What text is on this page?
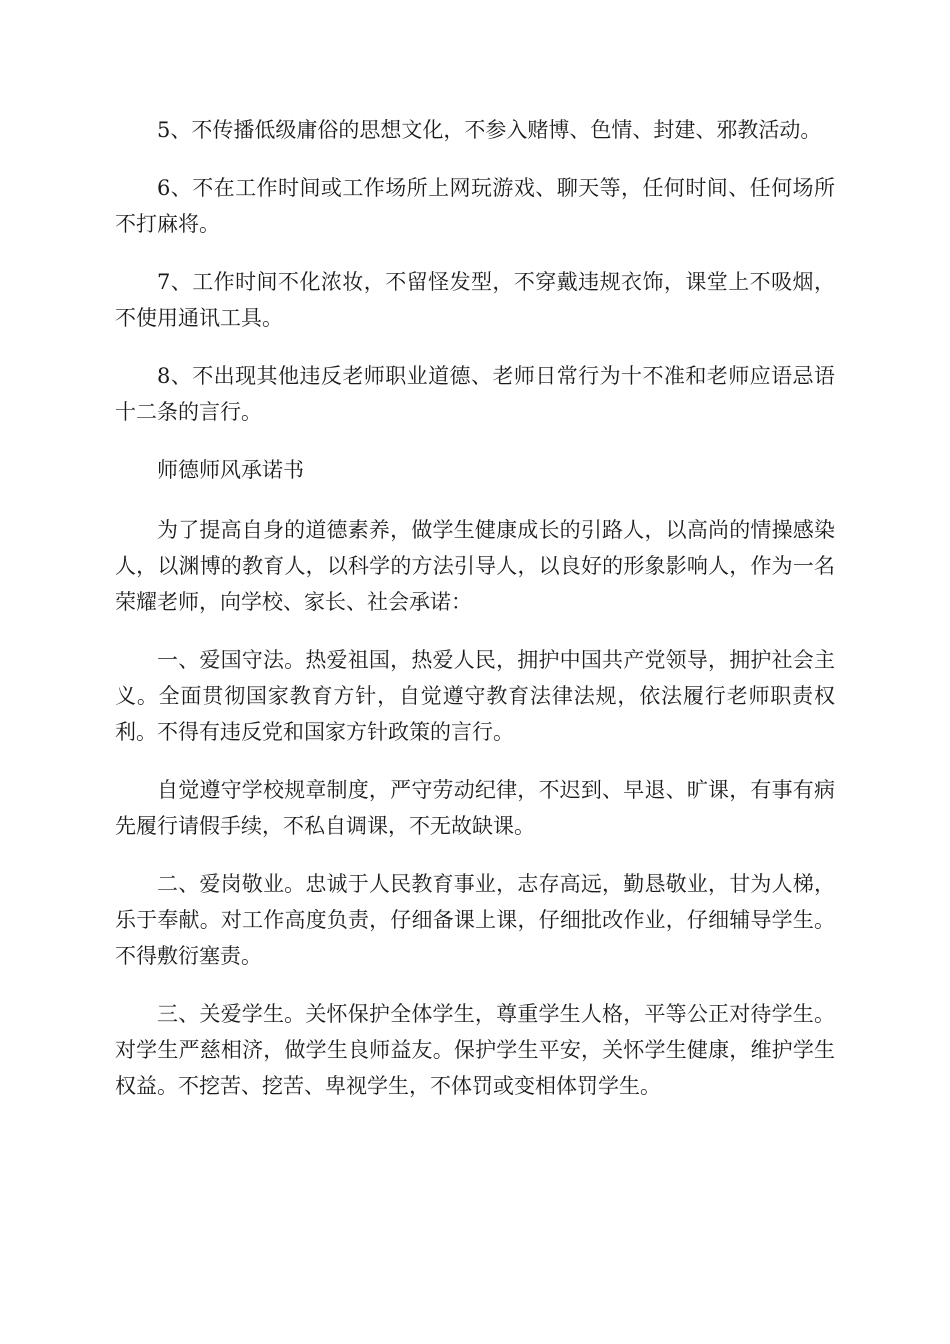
5、不传播低级庸俗的思想文化，不参入赌博、色情、封建、邪教活动。

6、不在工作时间或工作场所上网玩游戏、聊天等，任何时间、任何场所不打麻将。

7、工作时间不化浓妆，不留怪发型，不穿戴违规衣饰，课堂上不吸烟，不使用通讯工具。

8、不出现其他违反老师职业道德、老师日常行为十不准和老师应语忌语十二条的言行。

师德师风承诺书

为了提高自身的道德素养，做学生健康成长的引路人，以高尚的情操感染人，以渊博的教育人，以科学的方法引导人，以良好的形象影响人，作为一名荣耀老师，向学校、家长、社会承诺：

一、爱国守法。热爱祖国，热爱人民，拥护中国共产党领导，拥护社会主义。全面贯彻国家教育方针，自觉遵守教育法律法规，依法履行老师职责权利。不得有违反党和国家方针政策的言行。

自觉遵守学校规章制度，严守劳动纪律，不迟到、早退、旷课，有事有病先履行请假手续，不私自调课，不无故缺课。

二、爱岗敬业。忠诚于人民教育事业，志存高远，勤恳敬业，甘为人梯，乐于奉献。对工作高度负责，仔细备课上课，仔细批改作业，仔细辅导学生。不得敷衍塞责。

三、关爱学生。关怀保护全体学生，尊重学生人格，平等公正对待学生。对学生严慈相济，做学生良师益友。保护学生平安，关怀学生健康，维护学生权益。不挖苦、挖苦、卑视学生，不体罚或变相体罚学生。
